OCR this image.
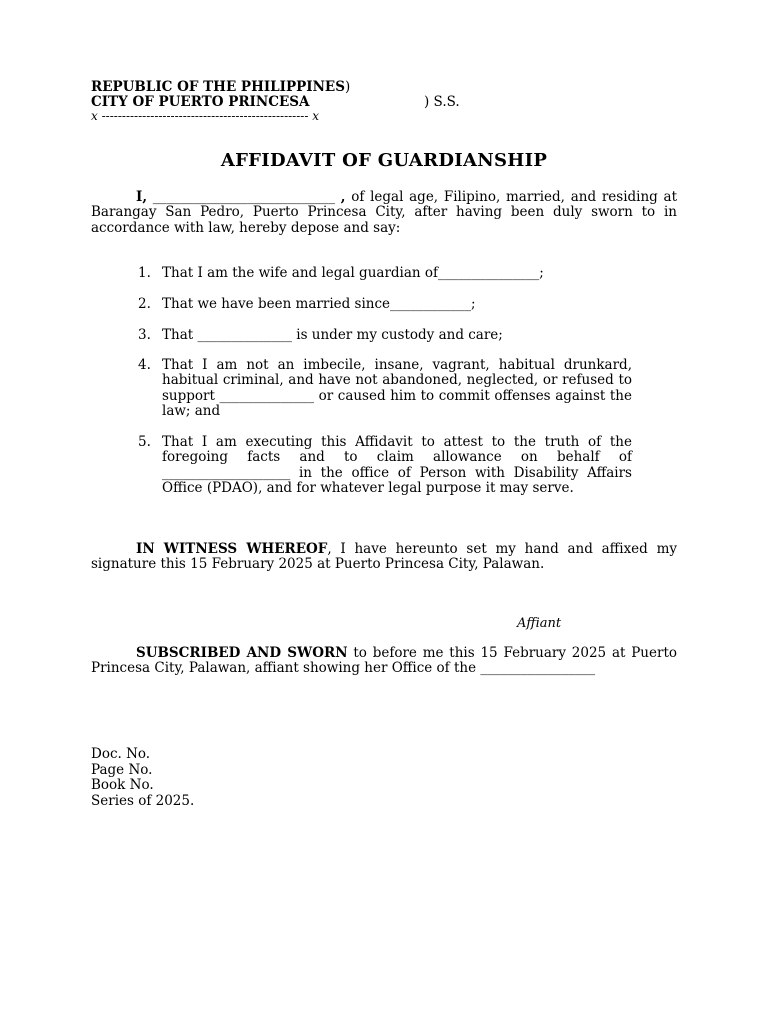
REPUBLIC OF THE PHILIPPINES)
CITY OF PUERTO PRINCESA	) S.S.
x --------------------------------------------------- x
AFFIDAVIT OF GUARDIANSHIP
I, ___________________________ , of legal age, Filipino, married, and residing at Barangay San Pedro, Puerto Princesa City, after having been duly sworn to in accordance with law, hereby depose and say:
1. That I am the wife and legal guardian of_______________;
2. That we have been married since____________;
3. That ______________ is under my custody and care;
4. That I am not an imbecile, insane, vagrant, habitual drunkard, habitual criminal, and have not abandoned, neglected, or refused to support ______________ or caused him to commit offenses against the law; and
5. That I am executing this Affidavit to attest to the truth of the foregoing facts and to claim allowance on behalf of ___________________ in the office of Person with Disability Affairs Office (PDAO), and for whatever legal purpose it may serve.
IN WITNESS WHEREOF, I have hereunto set my hand and affixed my signature this 15 February 2025 at Puerto Princesa City, Palawan.
Affiant
SUBSCRIBED AND SWORN to before me this 15 February 2025 at Puerto Princesa City, Palawan, affiant showing her Office of the _________________
Doc. No.
Page No.
Book No.
Series of 2025.
